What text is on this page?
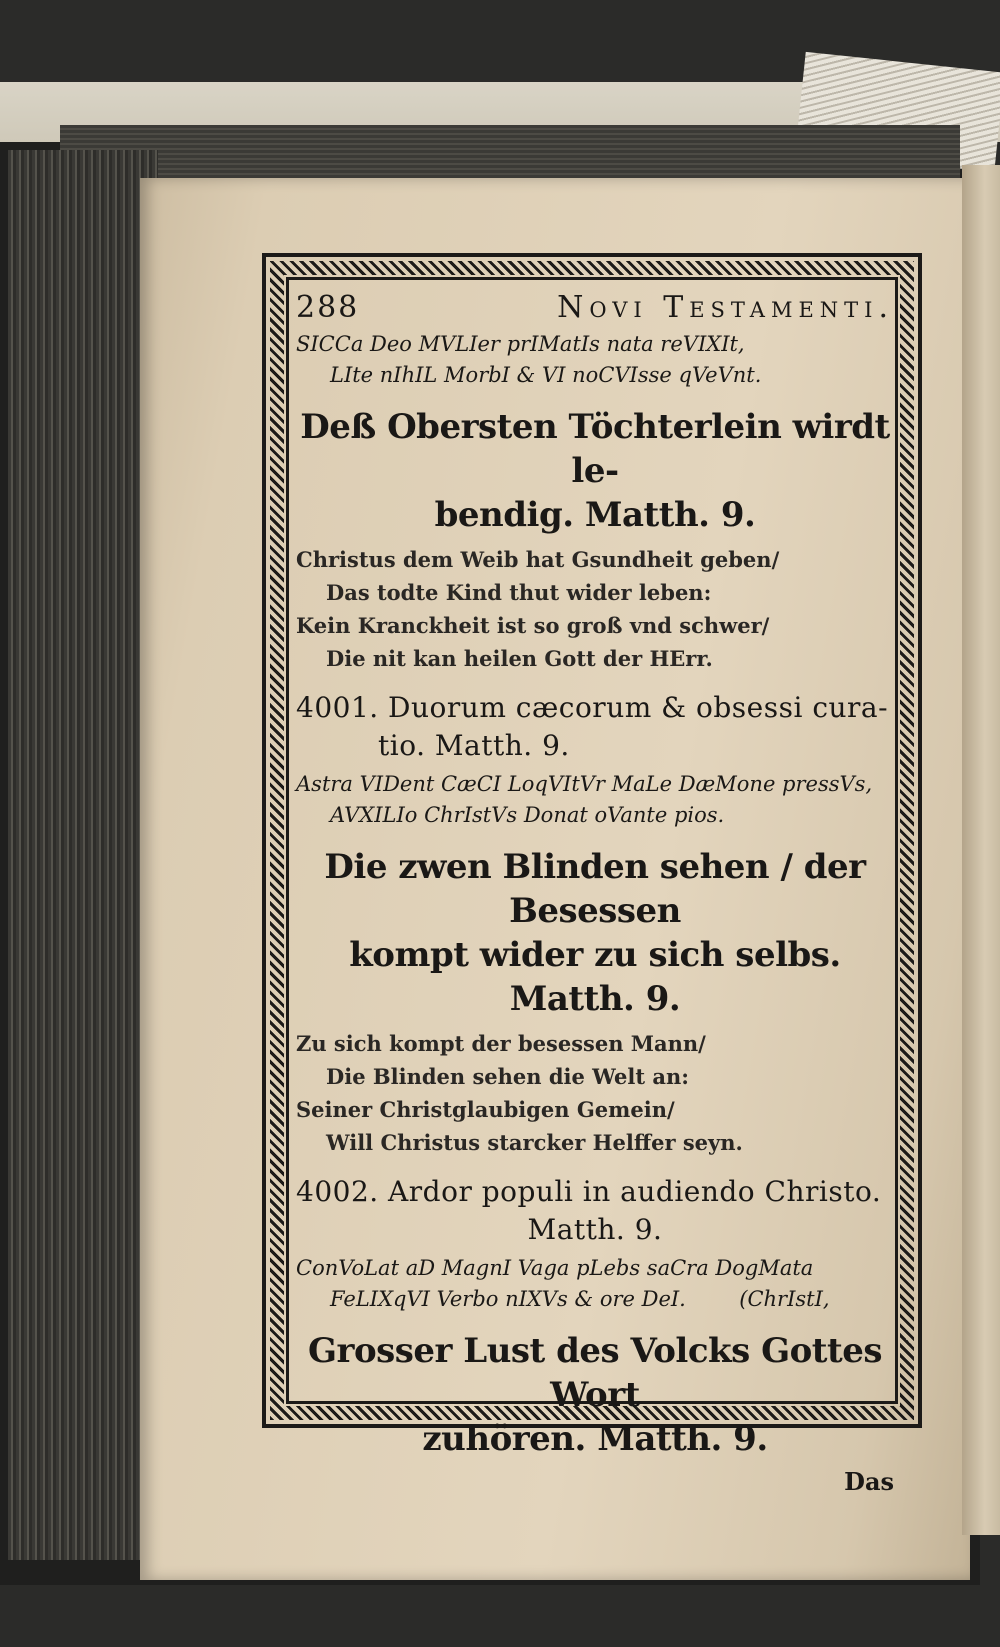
288	Novi Testamenti.
SICCa Deo MVLIer prIMatIs nata reVIXIt,
LIte nIhIL MorbI & VI noCVIsse qVeVnt.
Deß Obersten Töchterlein wirdt le-
bendig. Matth. 9.
Christus dem Weib hat Gsundheit geben/
Das todte Kind thut wider leben:
Kein Kranckheit ist so groß vnd schwer/
Die nit kan heilen Gott der HErr.
4001. Duorum cæcorum & obsessi cura-
tio. Matth. 9.
Astra VIDent CæCI LoqVItVr MaLe DæMone pressVs,
AVXILIo ChrIstVs Donat oVante pios.
Die zwen Blinden sehen / der Besessen
kompt wider zu sich selbs.
Matth. 9.
Zu sich kompt der besessen Mann/
Die Blinden sehen die Welt an:
Seiner Christglaubigen Gemein/
Will Christus starcker Helffer seyn.
4002. Ardor populi in audiendo Christo.
Matth. 9.
ConVoLat aD MagnI Vaga pLebs saCra DogMata
FeLIXqVI Verbo nIXVs & ore DeI.        (ChrIstI,
Grosser Lust des Volcks Gottes Wort
zuhören. Matth. 9.
Das
